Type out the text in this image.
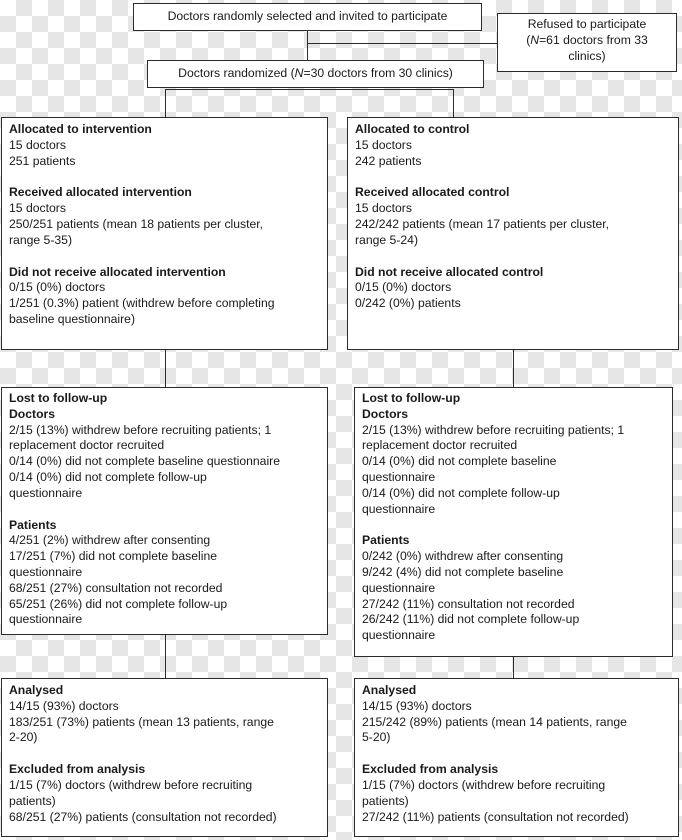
Doctors randomly selected and invited to participate
Refused to participate
(N=61 doctors from 33
clinics)
Doctors randomized (N=30 doctors from 30 clinics)
Allocated to intervention
15 doctors
251 patients
Received allocated intervention
15 doctors
250/251 patients (mean 18 patients per cluster,
range 5-35)
Did not receive allocated intervention
0/15 (0%) doctors
1/251 (0.3%) patient (withdrew before completing
baseline questionnaire)
Allocated to control
15 doctors
242 patients
Received allocated control
15 doctors
242/242 patients (mean 17 patients per cluster,
range 5-24)
Did not receive allocated control
0/15 (0%) doctors
0/242 (0%) patients
Lost to follow-up
Doctors
2/15 (13%) withdrew before recruiting patients; 1
replacement doctor recruited
0/14 (0%) did not complete baseline questionnaire
0/14 (0%) did not complete follow-up
questionnaire
Patients
4/251 (2%) withdrew after consenting
17/251 (7%) did not complete baseline
questionnaire
68/251 (27%) consultation not recorded
65/251 (26%) did not complete follow-up
questionnaire
Lost to follow-up
Doctors
2/15 (13%) withdrew before recruiting patients; 1
replacement doctor recruited
0/14 (0%) did not complete baseline
questionnaire
0/14 (0%) did not complete follow-up
questionnaire
Patients
0/242 (0%) withdrew after consenting
9/242 (4%) did not complete baseline
questionnaire
27/242 (11%) consultation not recorded
26/242 (11%) did not complete follow-up
questionnaire
Analysed
14/15 (93%) doctors
183/251 (73%) patients (mean 13 patients, range
2-20)
Excluded from analysis
1/15 (7%) doctors (withdrew before recruiting
patients)
68/251 (27%) patients (consultation not recorded)
Analysed
14/15 (93%) doctors
215/242 (89%) patients (mean 14 patients, range
5-20)
Excluded from analysis
1/15 (7%) doctors (withdrew before recruiting
patients)
27/242 (11%) patients (consultation not recorded)
